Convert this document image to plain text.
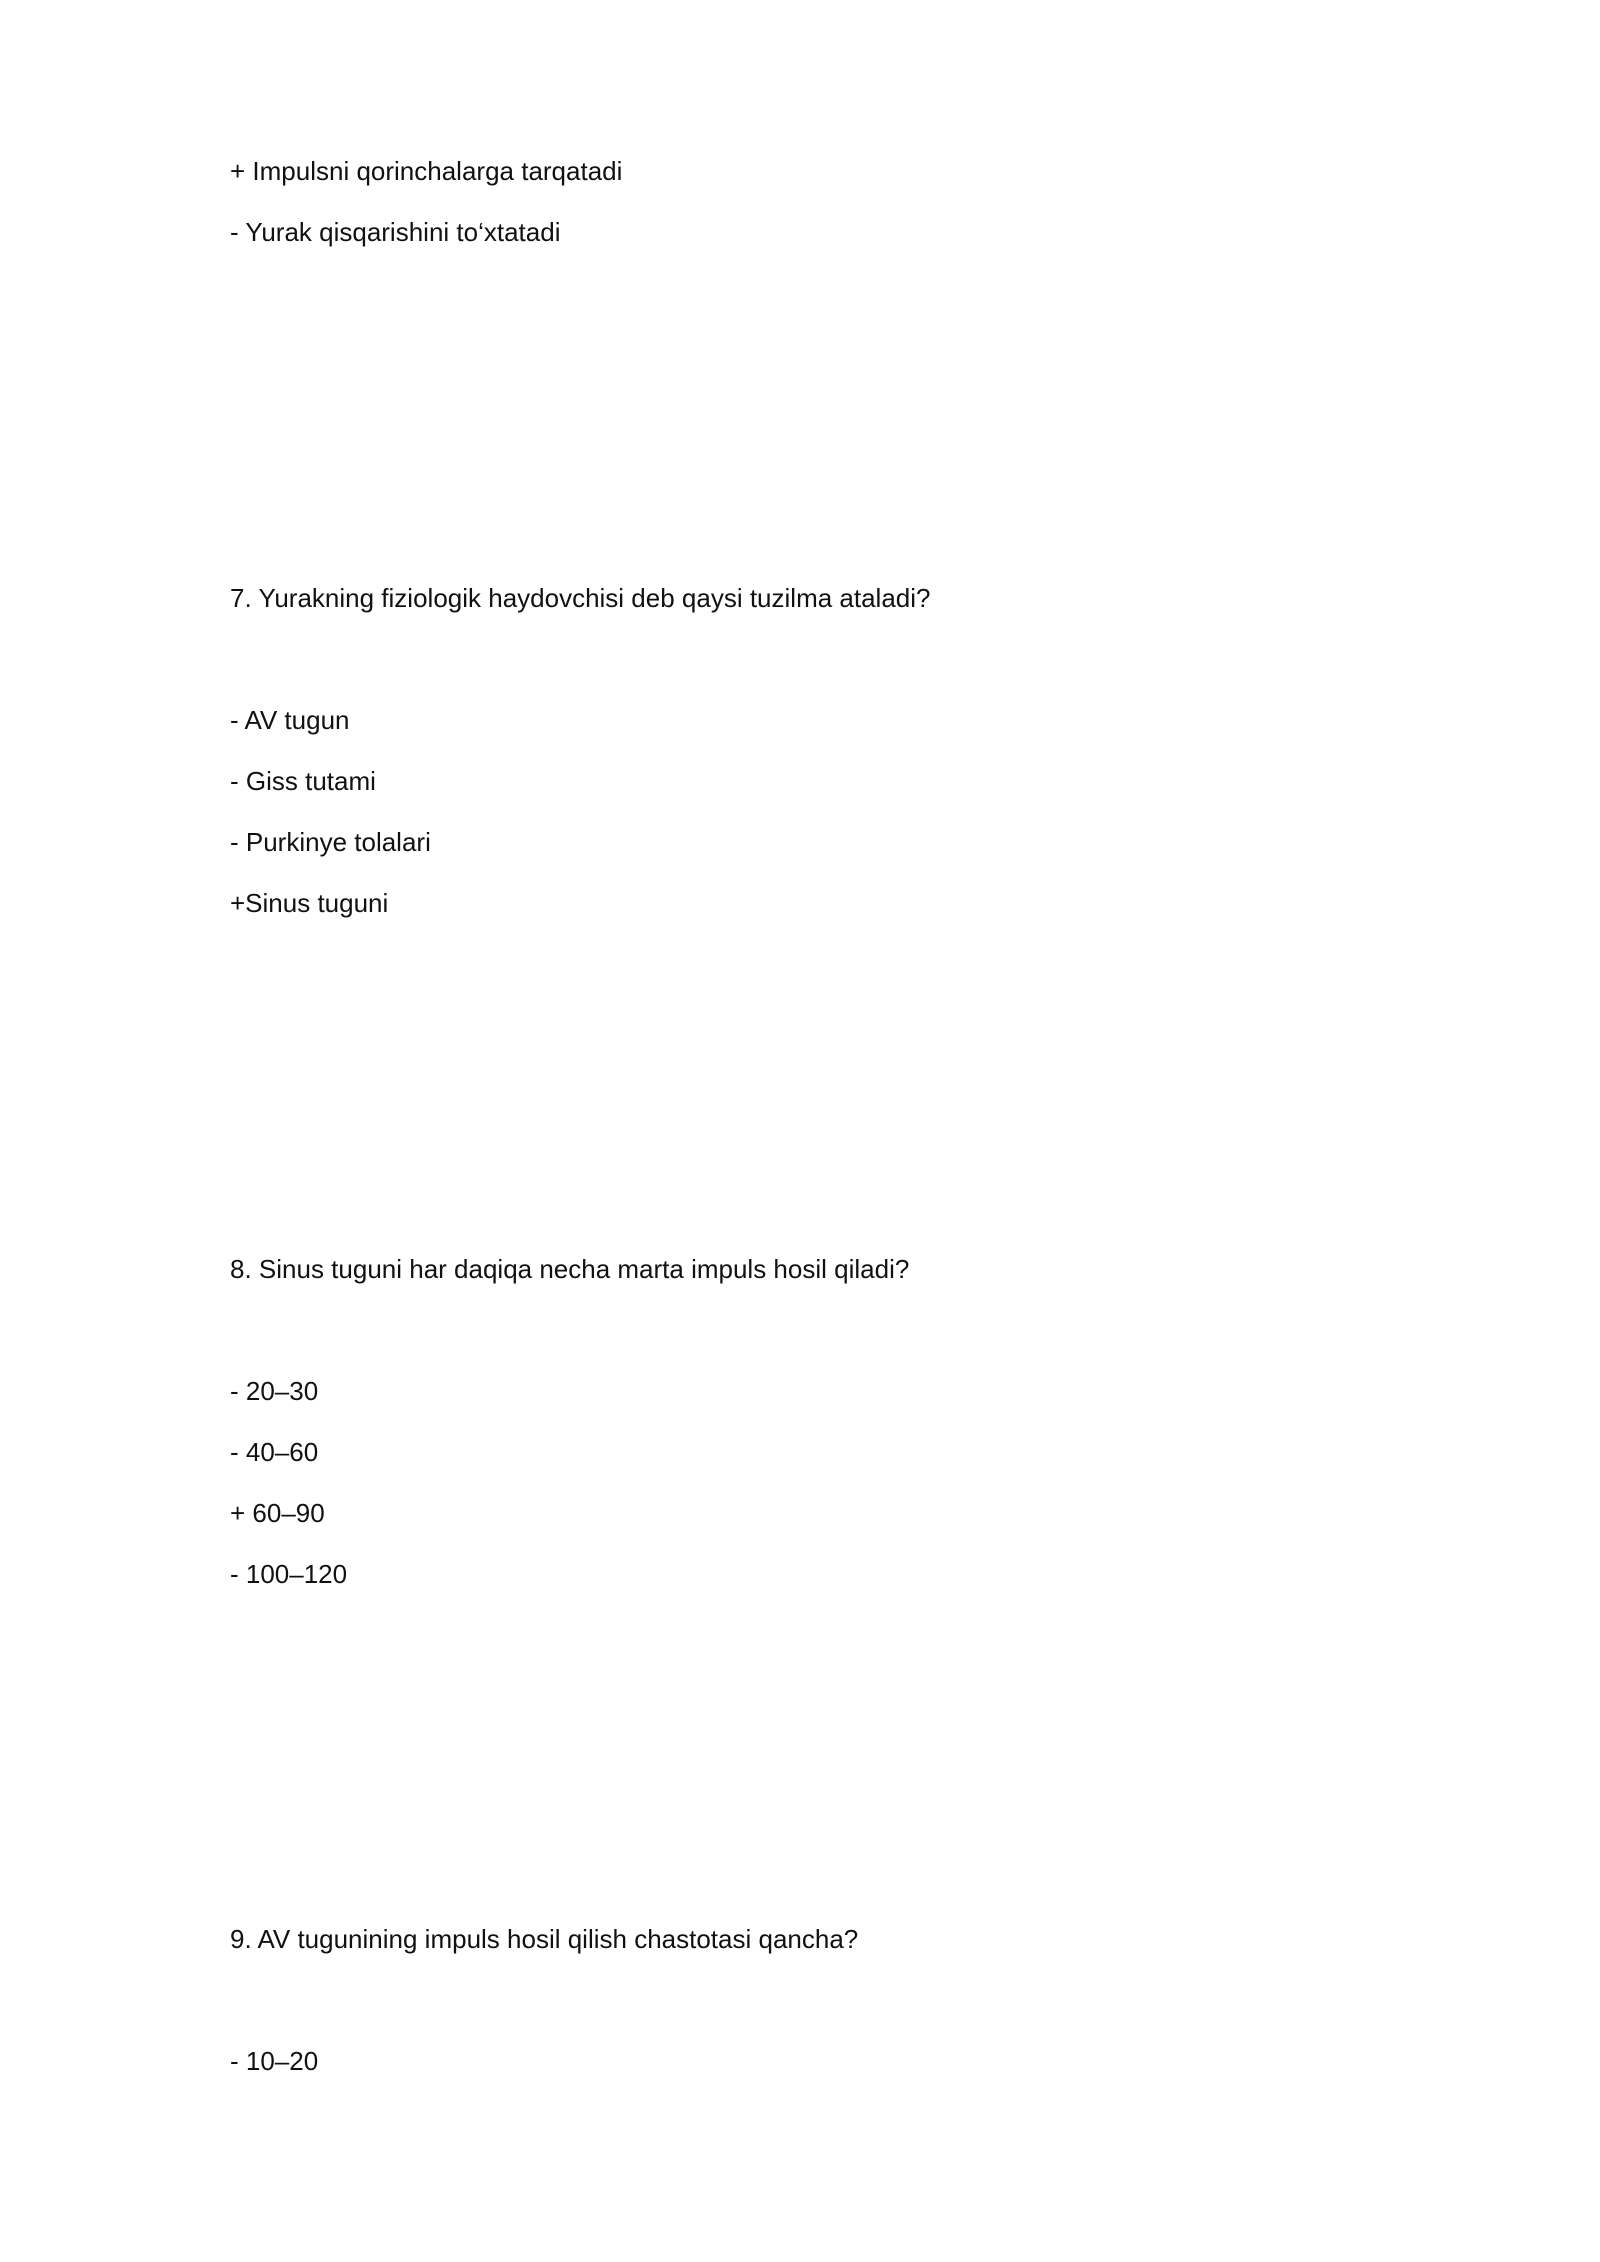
+ Impulsni qorinchalarga tarqatadi
- Yurak qisqarishini to‘xtatadi
7. Yurakning fiziologik haydovchisi deb qaysi tuzilma ataladi?
- AV tugun
- Giss tutami
- Purkinye tolalari
+Sinus tuguni
8. Sinus tuguni har daqiqa necha marta impuls hosil qiladi?
- 20–30
- 40–60
+ 60–90
- 100–120
9. AV tugunining impuls hosil qilish chastotasi qancha?
- 10–20
